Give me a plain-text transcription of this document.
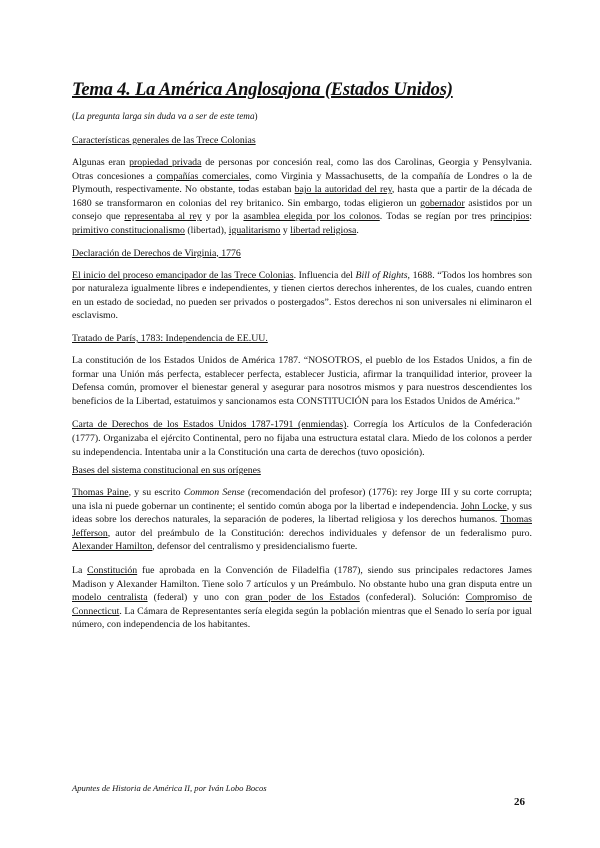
Tema 4. La América Anglosajona (Estados Unidos)

(La pregunta larga sin duda va a ser de este tema)

Características generales de las Trece Colonias

Algunas eran propiedad privada de personas por concesión real, como las dos Carolinas, Georgia y Pensylvania. Otras concesiones a compañías comerciales, como Virginia y Massachusetts, de la compañía de Londres o la de Plymouth, respectivamente. No obstante, todas estaban bajo la autoridad del rey, hasta que a partir de la década de 1680 se transformaron en colonias del rey britanico. Sin embargo, todas eligieron un gobernador asistidos por un consejo que representaba al rey y por la asamblea elegida por los colonos. Todas se regían por tres principios: primitivo constitucionalismo (libertad), igualitarismo y libertad religiosa.

Declaración de Derechos de Virginia, 1776

El inicio del proceso emancipador de las Trece Colonias. Influencia del Bill of Rights, 1688. “Todos los hombres son por naturaleza igualmente libres e independientes, y tienen ciertos derechos inherentes, de los cuales, cuando entren en un estado de sociedad, no pueden ser privados o postergados”. Estos derechos ni son universales ni eliminaron el esclavismo.

Tratado de París, 1783: Independencia de EE.UU.

La constitución de los Estados Unidos de América 1787. “NOSOTROS, el pueblo de los Estados Unidos, a fin de formar una Unión más perfecta, establecer perfecta, establecer Justicia, afirmar la tranquilidad interior, proveer la Defensa común, promover el bienestar general y asegurar para nosotros mismos y para nuestros descendientes los beneficios de la Libertad, estatuimos y sancionamos esta CONSTITUCIÓN para los Estados Unidos de América.”

Carta de Derechos de los Estados Unidos 1787-1791 (enmiendas). Corregía los Artículos de la Confederación (1777). Organizaba el ejército Continental, pero no fijaba una estructura estatal clara. Miedo de los colonos a perder su independencia. Intentaba unir a la Constitución una carta de derechos (tuvo oposición).

Bases del sistema constitucional en sus orígenes

Thomas Paine, y su escrito Common Sense (recomendación del profesor) (1776): rey Jorge III y su corte corrupta; una isla ni puede gobernar un continente; el sentido común aboga por la libertad e independencia. John Locke, y sus ideas sobre los derechos naturales, la separación de poderes, la libertad religiosa y los derechos humanos. Thomas Jefferson, autor del preámbulo de la Constitución: derechos individuales y defensor de un federalismo puro. Alexander Hamilton, defensor del centralismo y presidencialismo fuerte.

La Constitución fue aprobada en la Convención de Filadelfia (1787), siendo sus principales redactores James Madison y Alexander Hamilton. Tiene solo 7 artículos y un Preámbulo. No obstante hubo una gran disputa entre un modelo centralista (federal) y uno con gran poder de los Estados (confederal). Solución: Compromiso de Connecticut. La Cámara de Representantes sería elegida según la población mientras que el Senado lo sería por igual número, con independencia de los habitantes.

Apuntes de Historia de América II, por Iván Lobo Bocos
26
